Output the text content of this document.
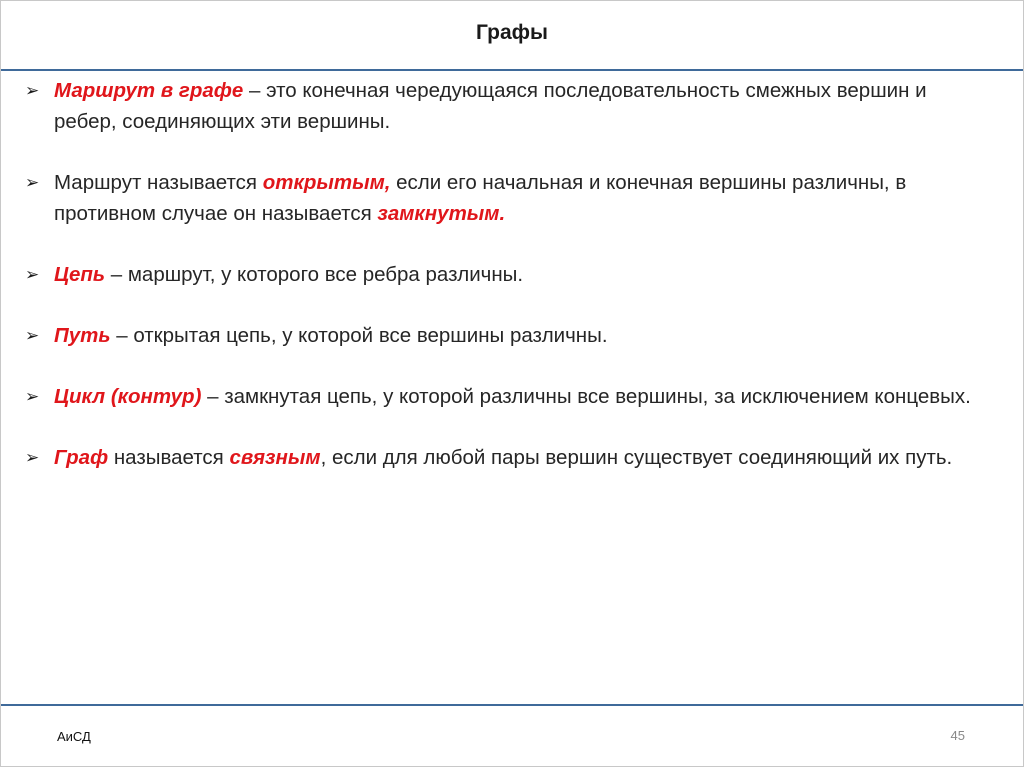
Графы
➢ Маршрут в графе – это конечная чередующаяся последовательность смежных вершин и ребер, соединяющих эти вершины.
➢ Маршрут называется открытым, если его начальная и конечная вершины различны, в противном случае он называется замкнутым.
➢ Цепь – маршрут, у которого все ребра различны.
➢ Путь – открытая цепь, у которой все вершины различны.
➢ Цикл (контур) – замкнутая цепь, у которой различны все вершины, за исключением концевых.
➢ Граф называется связным, если для любой пары вершин существует соединяющий их путь.
АиСД	45
